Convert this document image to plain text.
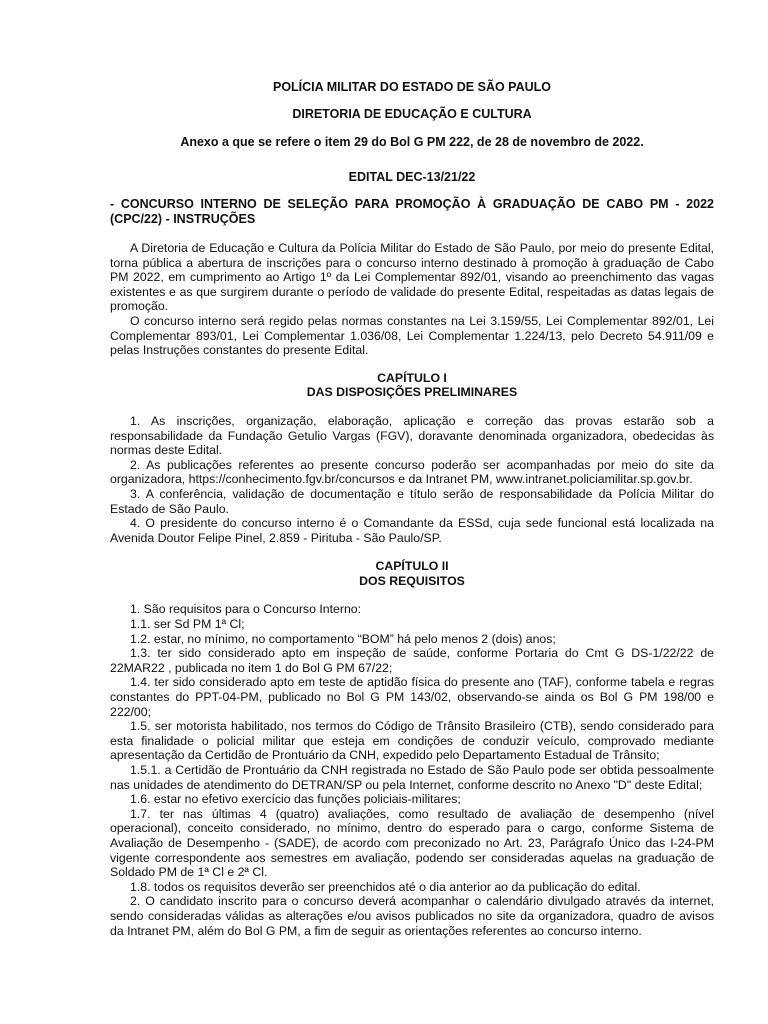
POLÍCIA MILITAR DO ESTADO DE SÃO PAULO

DIRETORIA DE EDUCAÇÃO E CULTURA

Anexo a que se refere o item 29 do Bol G PM 222, de 28 de novembro de 2022.

EDITAL DEC-13/21/22

- CONCURSO INTERNO DE SELEÇÃO PARA PROMOÇÃO À GRADUAÇÃO DE CABO PM - 2022 (CPC/22) - INSTRUÇÕES

A Diretoria de Educação e Cultura da Polícia Militar do Estado de São Paulo, por meio do presente Edital, torna pública a abertura de inscrições para o concurso interno destinado à promoção à graduação de Cabo PM 2022, em cumprimento ao Artigo 1º da Lei Complementar 892/01, visando ao preenchimento das vagas existentes e as que surgirem durante o período de validade do presente Edital, respeitadas as datas legais de promoção.

O concurso interno será regido pelas normas constantes na Lei 3.159/55, Lei Complementar 892/01, Lei Complementar 893/01, Lei Complementar 1.036/08, Lei Complementar 1.224/13, pelo Decreto 54.911/09 e pelas Instruções constantes do presente Edital.

CAPÍTULO I

DAS DISPOSIÇÕES PRELIMINARES

1. As inscrições, organização, elaboração, aplicação e correção das provas estarão sob a responsabilidade da Fundação Getulio Vargas (FGV), doravante denominada organizadora, obedecidas às normas deste Edital.

2. As publicações referentes ao presente concurso poderão ser acompanhadas por meio do site da organizadora, https://conhecimento.fgv.br/concursos e da Intranet PM, www.intranet.policiamilitar.sp.gov.br.

3. A conferência, validação de documentação e título serão de responsabilidade da Polícia Militar do Estado de São Paulo.

4. O presidente do concurso interno é o Comandante da ESSd, cuja sede funcional está localizada na Avenida Doutor Felipe Pinel, 2.859 - Pirituba - São Paulo/SP.

CAPÍTULO II

DOS REQUISITOS

1. São requisitos para o Concurso Interno:

1.1. ser Sd PM 1ª Cl;

1.2. estar, no mínimo, no comportamento “BOM” há pelo menos 2 (dois) anos;

1.3. ter sido considerado apto em inspeção de saúde, conforme Portaria do Cmt G DS-1/22/22 de 22MAR22 , publicada no item 1 do Bol G PM 67/22;

1.4. ter sido considerado apto em teste de aptidão física do presente ano (TAF), conforme tabela e regras constantes do PPT-04-PM, publicado no Bol G PM 143/02, observando-se ainda os Bol G PM 198/00 e 222/00;

1.5. ser motorista habilitado, nos termos do Código de Trânsito Brasileiro (CTB), sendo considerado para esta finalidade o policial militar que esteja em condições de conduzir veículo, comprovado mediante apresentação da Certidão de Prontuário da CNH, expedido pelo Departamento Estadual de Trânsito;

1.5.1. a Certidão de Prontuário da CNH registrada no Estado de São Paulo pode ser obtida pessoalmente nas unidades de atendimento do DETRAN/SP ou pela Internet, conforme descrito no Anexo "D" deste Edital;

1.6. estar no efetivo exercício das funções policiais-militares;

1.7. ter nas últimas 4 (quatro) avaliações, como resultado de avaliação de desempenho (nível operacional), conceito considerado, no mínimo, dentro do esperado para o cargo, conforme Sistema de Avaliação de Desempenho - (SADE), de acordo com preconizado no Art. 23, Parágrafo Único das I-24-PM vigente correspondente aos semestres em avaliação, podendo ser consideradas aquelas na graduação de Soldado PM de 1ª Cl e 2ª Cl.

1.8. todos os requisitos deverão ser preenchidos até o dia anterior ao da publicação do edital.

2. O candidato inscrito para o concurso deverá acompanhar o calendário divulgado através da internet, sendo consideradas válidas as alterações e/ou avisos publicados no site da organizadora, quadro de avisos da Intranet PM, além do Bol G PM, a fim de seguir as orientações referentes ao concurso interno.
